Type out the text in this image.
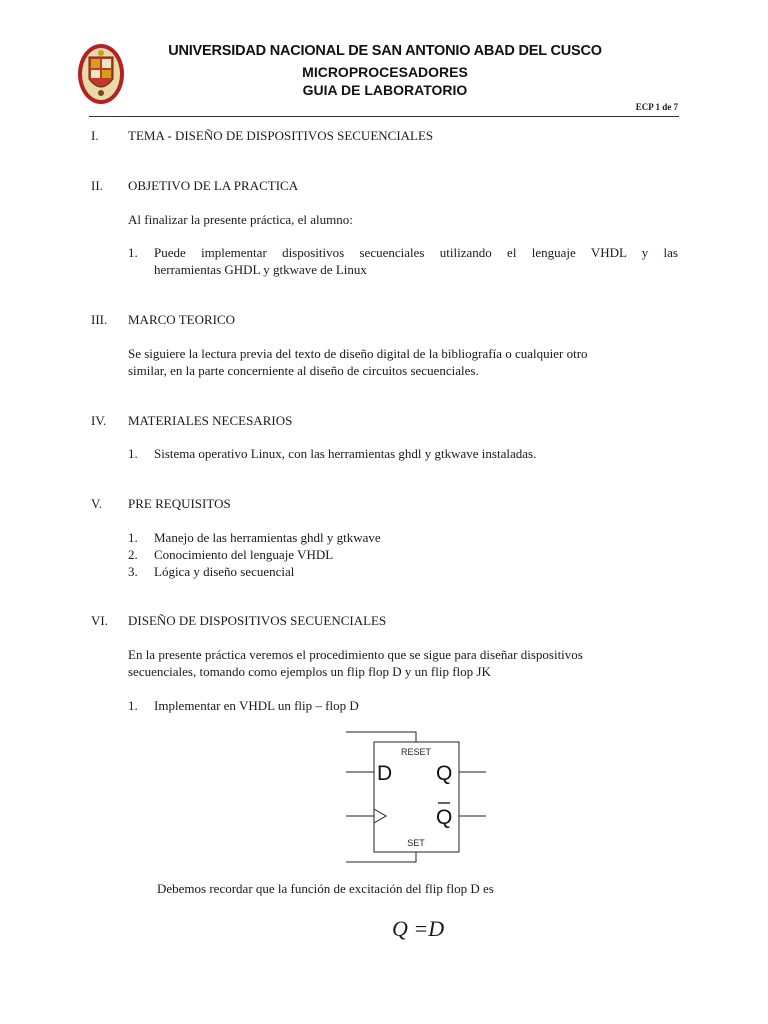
UNIVERSIDAD NACIONAL DE SAN ANTONIO ABAD DEL CUSCO
MICROPROCESADORES
GUIA DE LABORATORIO
ECP 1 de 7
I. TEMA - DISEÑO DE DISPOSITIVOS SECUENCIALES
II. OBJETIVO DE LA PRACTICA
Al finalizar la presente práctica, el alumno:
1. Puede implementar dispositivos secuenciales utilizando el lenguaje VHDL y las
herramientas GHDL y gtkwave de Linux
III. MARCO TEORICO
Se siguiere la lectura previa del texto de diseño digital de la bibliografía o cualquier otro
similar, en la parte concerniente al diseño de circuitos secuenciales.
IV. MATERIALES NECESARIOS
1. Sistema operativo Linux, con las herramientas ghdl y gtkwave instaladas.
V. PRE REQUISITOS
1. Manejo de las herramientas ghdl y gtkwave
2. Conocimiento del lenguaje VHDL
3. Lógica y diseño secuencial
VI. DISEÑO DE DISPOSITIVOS SECUENCIALES
En la presente práctica veremos el procedimiento que se sigue para diseñar dispositivos
secuenciales, tomando como ejemplos un flip flop D y un flip flop JK
1. Implementar en VHDL un flip – flop D
RESET
SET
D Q
Q
Debemos recordar que la función de excitación del flip flop D es
Q =D
